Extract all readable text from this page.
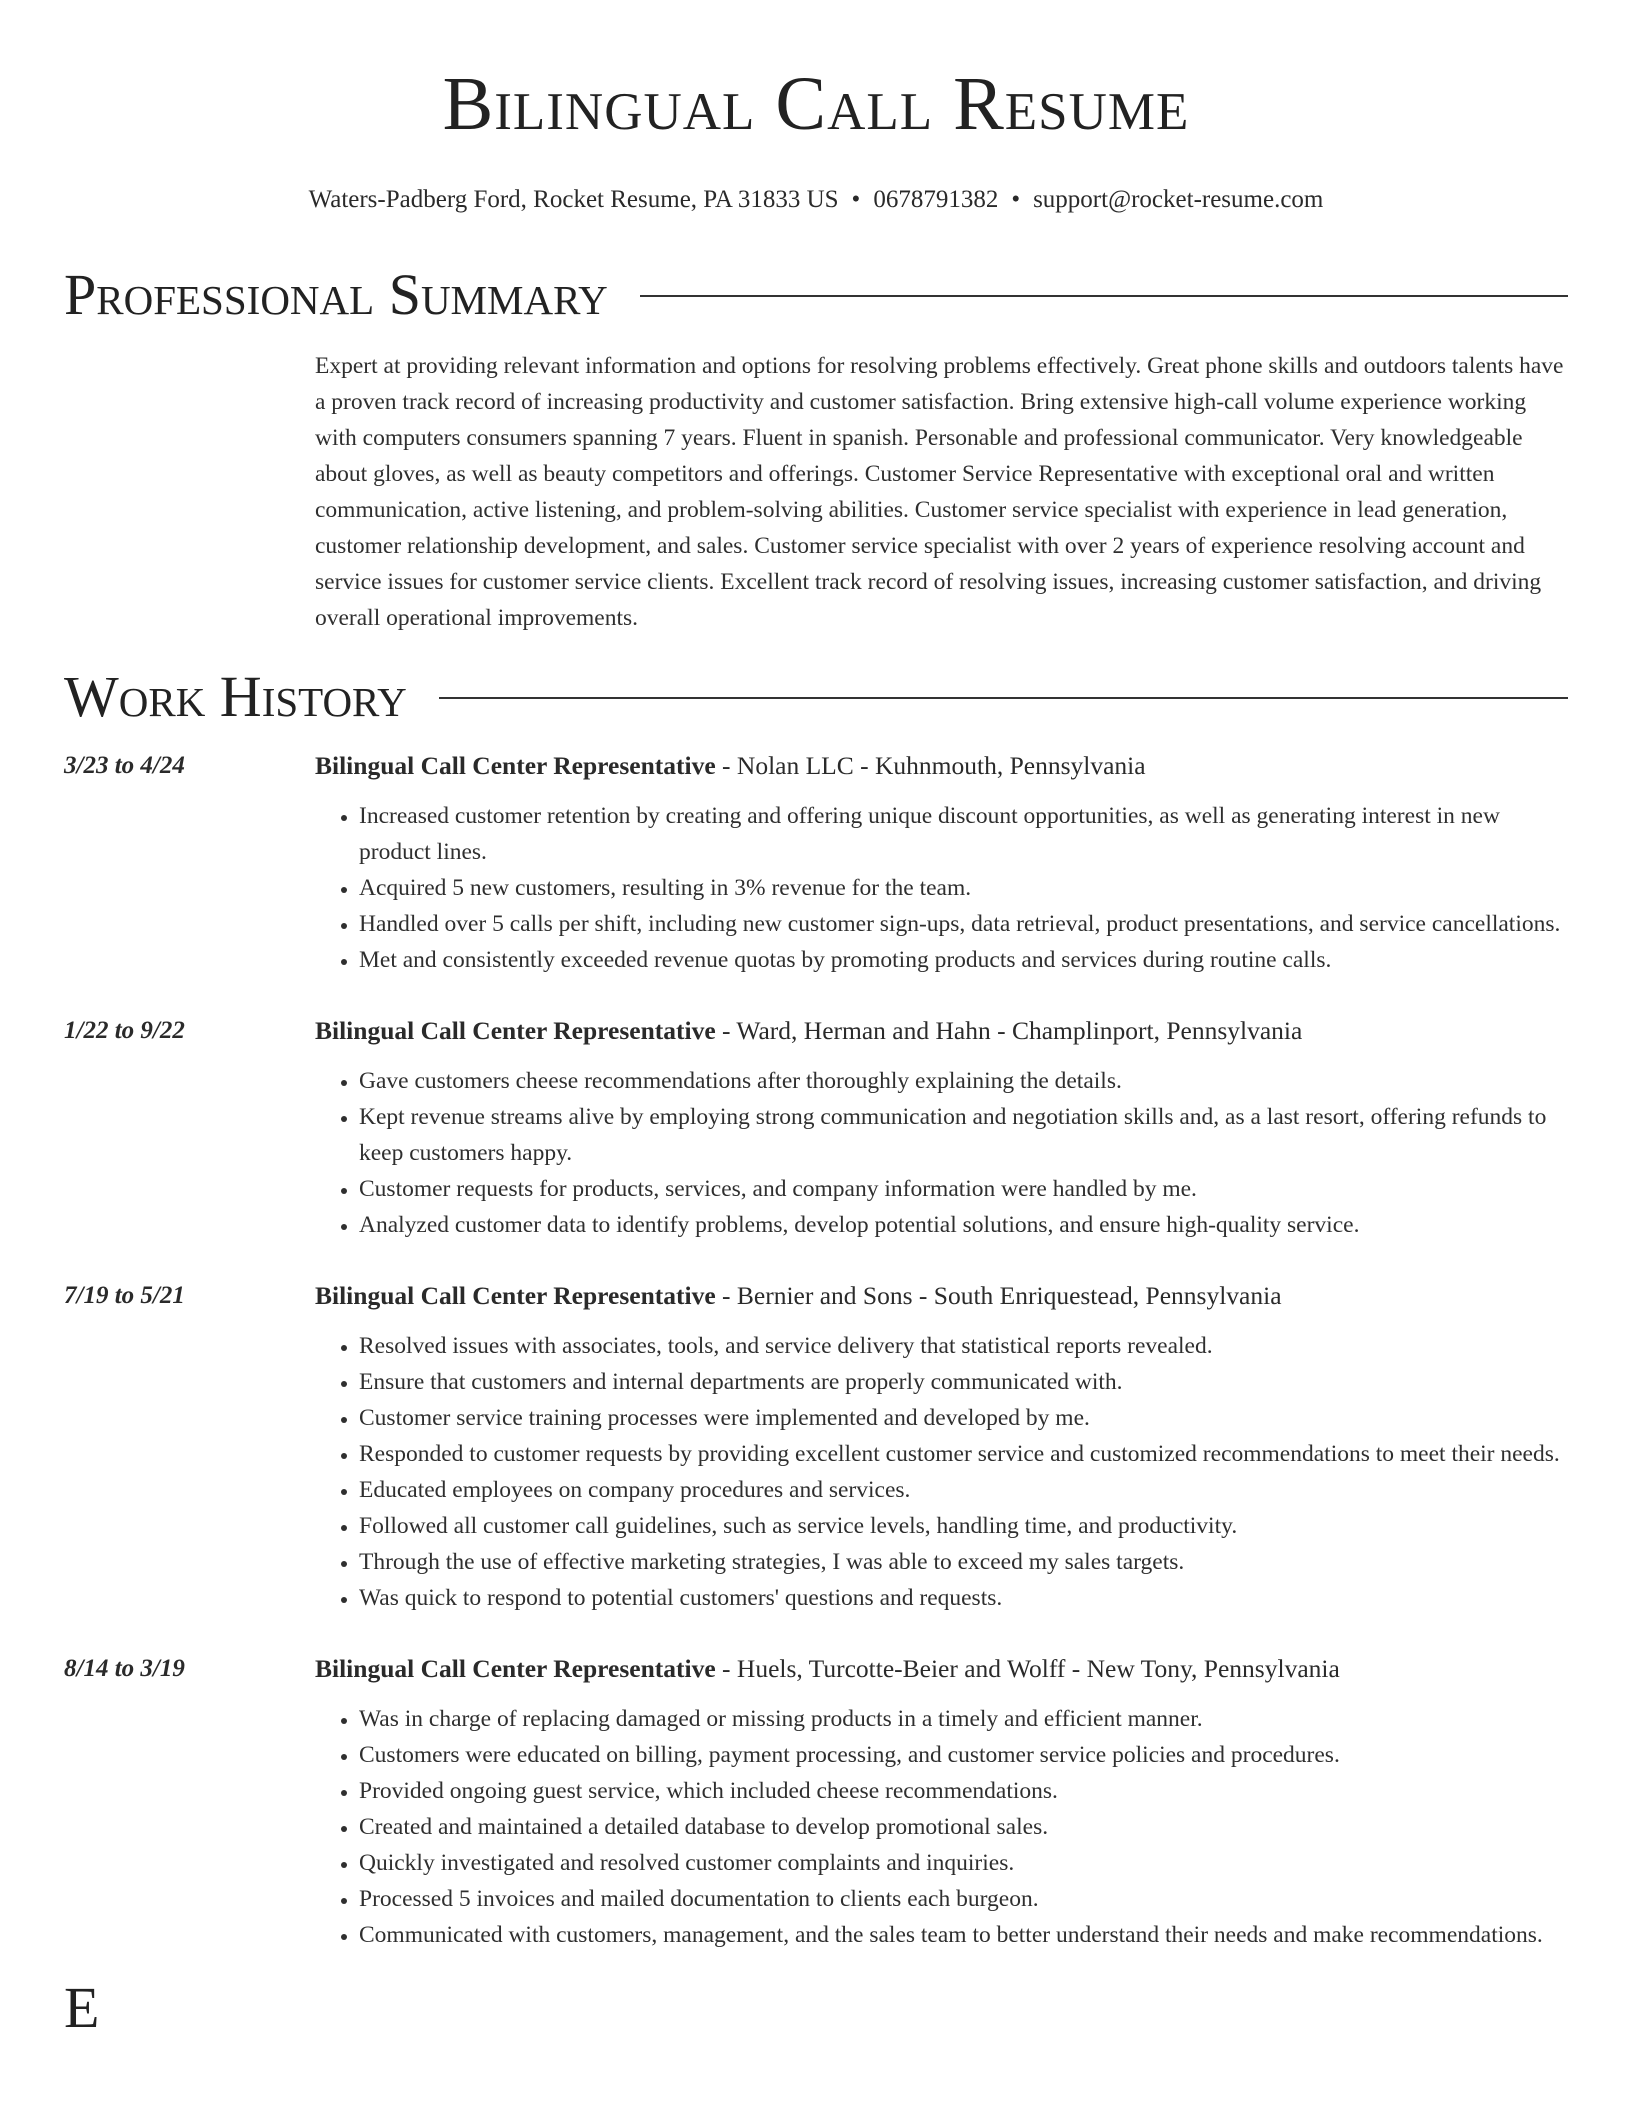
Bilingual Call Resume
Waters-Padberg Ford, Rocket Resume, PA 31833 US • 0678791382 • support@rocket-resume.com
Professional Summary
Expert at providing relevant information and options for resolving problems effectively. Great phone skills and outdoors talents have a proven track record of increasing productivity and customer satisfaction. Bring extensive high-call volume experience working with computers consumers spanning 7 years. Fluent in spanish. Personable and professional communicator. Very knowledgeable about gloves, as well as beauty competitors and offerings. Customer Service Representative with exceptional oral and written communication, active listening, and problem-solving abilities. Customer service specialist with experience in lead generation, customer relationship development, and sales. Customer service specialist with over 2 years of experience resolving account and service issues for customer service clients. Excellent track record of resolving issues, increasing customer satisfaction, and driving overall operational improvements.
Work History
3/23 to 4/24	Bilingual Call Center Representative - Nolan LLC - Kuhnmouth, Pennsylvania
• Increased customer retention by creating and offering unique discount opportunities, as well as generating interest in new product lines.
• Acquired 5 new customers, resulting in 3% revenue for the team.
• Handled over 5 calls per shift, including new customer sign-ups, data retrieval, product presentations, and service cancellations.
• Met and consistently exceeded revenue quotas by promoting products and services during routine calls.
1/22 to 9/22	Bilingual Call Center Representative - Ward, Herman and Hahn - Champlinport, Pennsylvania
• Gave customers cheese recommendations after thoroughly explaining the details.
• Kept revenue streams alive by employing strong communication and negotiation skills and, as a last resort, offering refunds to keep customers happy.
• Customer requests for products, services, and company information were handled by me.
• Analyzed customer data to identify problems, develop potential solutions, and ensure high-quality service.
7/19 to 5/21	Bilingual Call Center Representative - Bernier and Sons - South Enriquestead, Pennsylvania
• Resolved issues with associates, tools, and service delivery that statistical reports revealed.
• Ensure that customers and internal departments are properly communicated with.
• Customer service training processes were implemented and developed by me.
• Responded to customer requests by providing excellent customer service and customized recommendations to meet their needs.
• Educated employees on company procedures and services.
• Followed all customer call guidelines, such as service levels, handling time, and productivity.
• Through the use of effective marketing strategies, I was able to exceed my sales targets.
• Was quick to respond to potential customers' questions and requests.
8/14 to 3/19	Bilingual Call Center Representative - Huels, Turcotte-Beier and Wolff - New Tony, Pennsylvania
• Was in charge of replacing damaged or missing products in a timely and efficient manner.
• Customers were educated on billing, payment processing, and customer service policies and procedures.
• Provided ongoing guest service, which included cheese recommendations.
• Created and maintained a detailed database to develop promotional sales.
• Quickly investigated and resolved customer complaints and inquiries.
• Processed 5 invoices and mailed documentation to clients each burgeon.
• Communicated with customers, management, and the sales team to better understand their needs and make recommendations.
E
